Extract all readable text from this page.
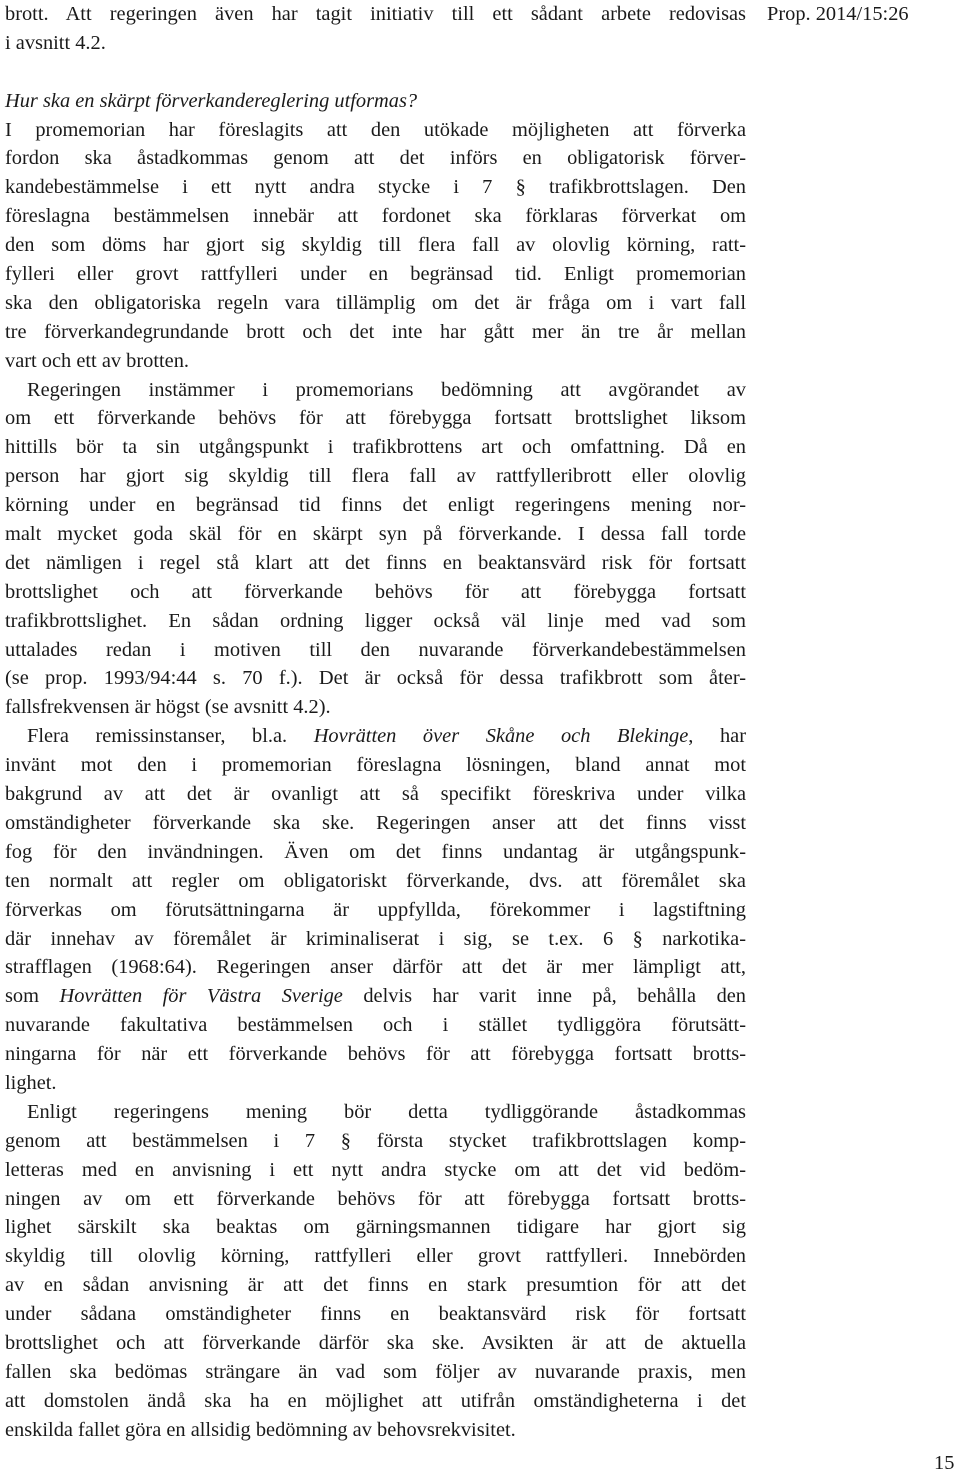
brott. Att regeringen även har tagit initiativ till ett sådant arbete redovisas
i avsnitt 4.2.
Hur ska en skärpt förverkandereglering utformas?
I promemorian har föreslagits att den utökade möjligheten att förverka
fordon ska åstadkommas genom att det införs en obligatorisk förver-
kandebestämmelse i ett nytt andra stycke i 7 § trafikbrottslagen. Den
föreslagna bestämmelsen innebär att fordonet ska förklaras förverkat om
den som döms har gjort sig skyldig till flera fall av olovlig körning, ratt-
fylleri eller grovt rattfylleri under en begränsad tid. Enligt promemorian
ska den obligatoriska regeln vara tillämplig om det är fråga om i vart fall
tre förverkandegrundande brott och det inte har gått mer än tre år mellan
vart och ett av brotten.
Regeringen instämmer i promemorians bedömning att avgörandet av
om ett förverkande behövs för att förebygga fortsatt brottslighet liksom
hittills bör ta sin utgångspunkt i trafikbrottens art och omfattning. Då en
person har gjort sig skyldig till flera fall av rattfylleribrott eller olovlig
körning under en begränsad tid finns det enligt regeringens mening nor-
malt mycket goda skäl för en skärpt syn på förverkande. I dessa fall torde
det nämligen i regel stå klart att det finns en beaktansvärd risk för fortsatt
brottslighet och att förverkande behövs för att förebygga fortsatt
trafikbrottslighet. En sådan ordning ligger också väl linje med vad som
uttalades redan i motiven till den nuvarande förverkandebestämmelsen
(se prop. 1993/94:44 s. 70 f.). Det är också för dessa trafikbrott som åter-
fallsfrekvensen är högst (se avsnitt 4.2).
Flera remissinstanser, bl.a. Hovrätten över Skåne och Blekinge, har
invänt mot den i promemorian föreslagna lösningen, bland annat mot
bakgrund av att det är ovanligt att så specifikt föreskriva under vilka
omständigheter förverkande ska ske. Regeringen anser att det finns visst
fog för den invändningen. Även om det finns undantag är utgångspunk-
ten normalt att regler om obligatoriskt förverkande, dvs. att föremålet ska
förverkas om förutsättningarna är uppfyllda, förekommer i lagstiftning
där innehav av föremålet är kriminaliserat i sig, se t.ex. 6 § narkotika-
strafflagen (1968:64). Regeringen anser därför att det är mer lämpligt att,
som Hovrätten för Västra Sverige delvis har varit inne på, behålla den
nuvarande fakultativa bestämmelsen och i stället tydliggöra förutsätt-
ningarna för när ett förverkande behövs för att förebygga fortsatt brotts-
lighet.
Enligt regeringens mening bör detta tydliggörande åstadkommas
genom att bestämmelsen i 7 § första stycket trafikbrottslagen komp-
letteras med en anvisning i ett nytt andra stycke om att det vid bedöm-
ningen av om ett förverkande behövs för att förebygga fortsatt brotts-
lighet särskilt ska beaktas om gärningsmannen tidigare har gjort sig
skyldig till olovlig körning, rattfylleri eller grovt rattfylleri. Innebörden
av en sådan anvisning är att det finns en stark presumtion för att det
under sådana omständigheter finns en beaktansvärd risk för fortsatt
brottslighet och att förverkande därför ska ske. Avsikten är att de aktuella
fallen ska bedömas strängare än vad som följer av nuvarande praxis, men
att domstolen ändå ska ha en möjlighet att utifrån omständigheterna i det
enskilda fallet göra en allsidig bedömning av behovsrekvisitet.
Prop. 2014/15:26
15
